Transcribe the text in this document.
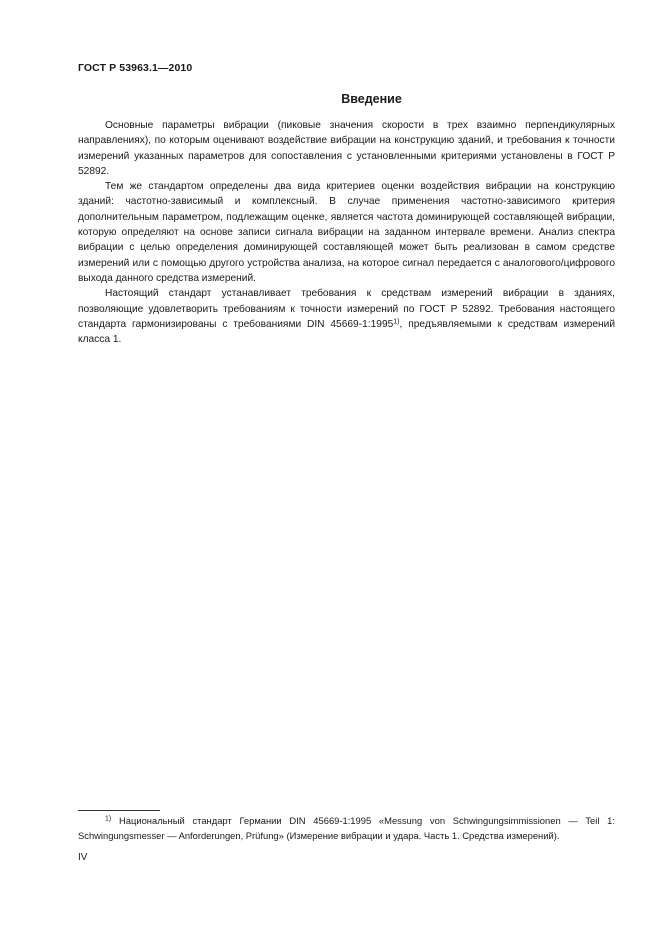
ГОСТ Р 53963.1—2010
Введение

Основные параметры вибрации (пиковые значения скорости в трех взаимно перпендикулярных направлениях), по которым оценивают воздействие вибрации на конструкцию зданий, и требования к точности измерений указанных параметров для сопоставления с установленными критериями установлены в ГОСТ Р 52892.

Тем же стандартом определены два вида критериев оценки воздействия вибрации на конструкцию зданий: частотно-зависимый и комплексный. В случае применения частотно-зависимого критерия дополнительным параметром, подлежащим оценке, является частота доминирующей составляющей вибрации, которую определяют на основе записи сигнала вибрации на заданном интервале времени. Анализ спектра вибрации с целью определения доминирующей составляющей может быть реализован в самом средстве измерений или с помощью другого устройства анализа, на которое сигнал передается с аналогового/цифрового выхода данного средства измерений.

Настоящий стандарт устанавливает требования к средствам измерений вибрации в зданиях, позволяющие удовлетворить требованиям к точности измерений по ГОСТ Р 52892. Требования настоящего стандарта гармонизированы с требованиями DIN 45669-1:1995$^{1)}$, предъявляемыми к средствам измерений класса 1.

$^{1)}$ Национальный стандарт Германии DIN 45669-1:1995 «Messung von Schwingungsimmissionen — Teil 1: Schwingungsmesser — Anforderungen, Prüfung» (Измерение вибрации и удара. Часть 1. Средства измерений).
IV
